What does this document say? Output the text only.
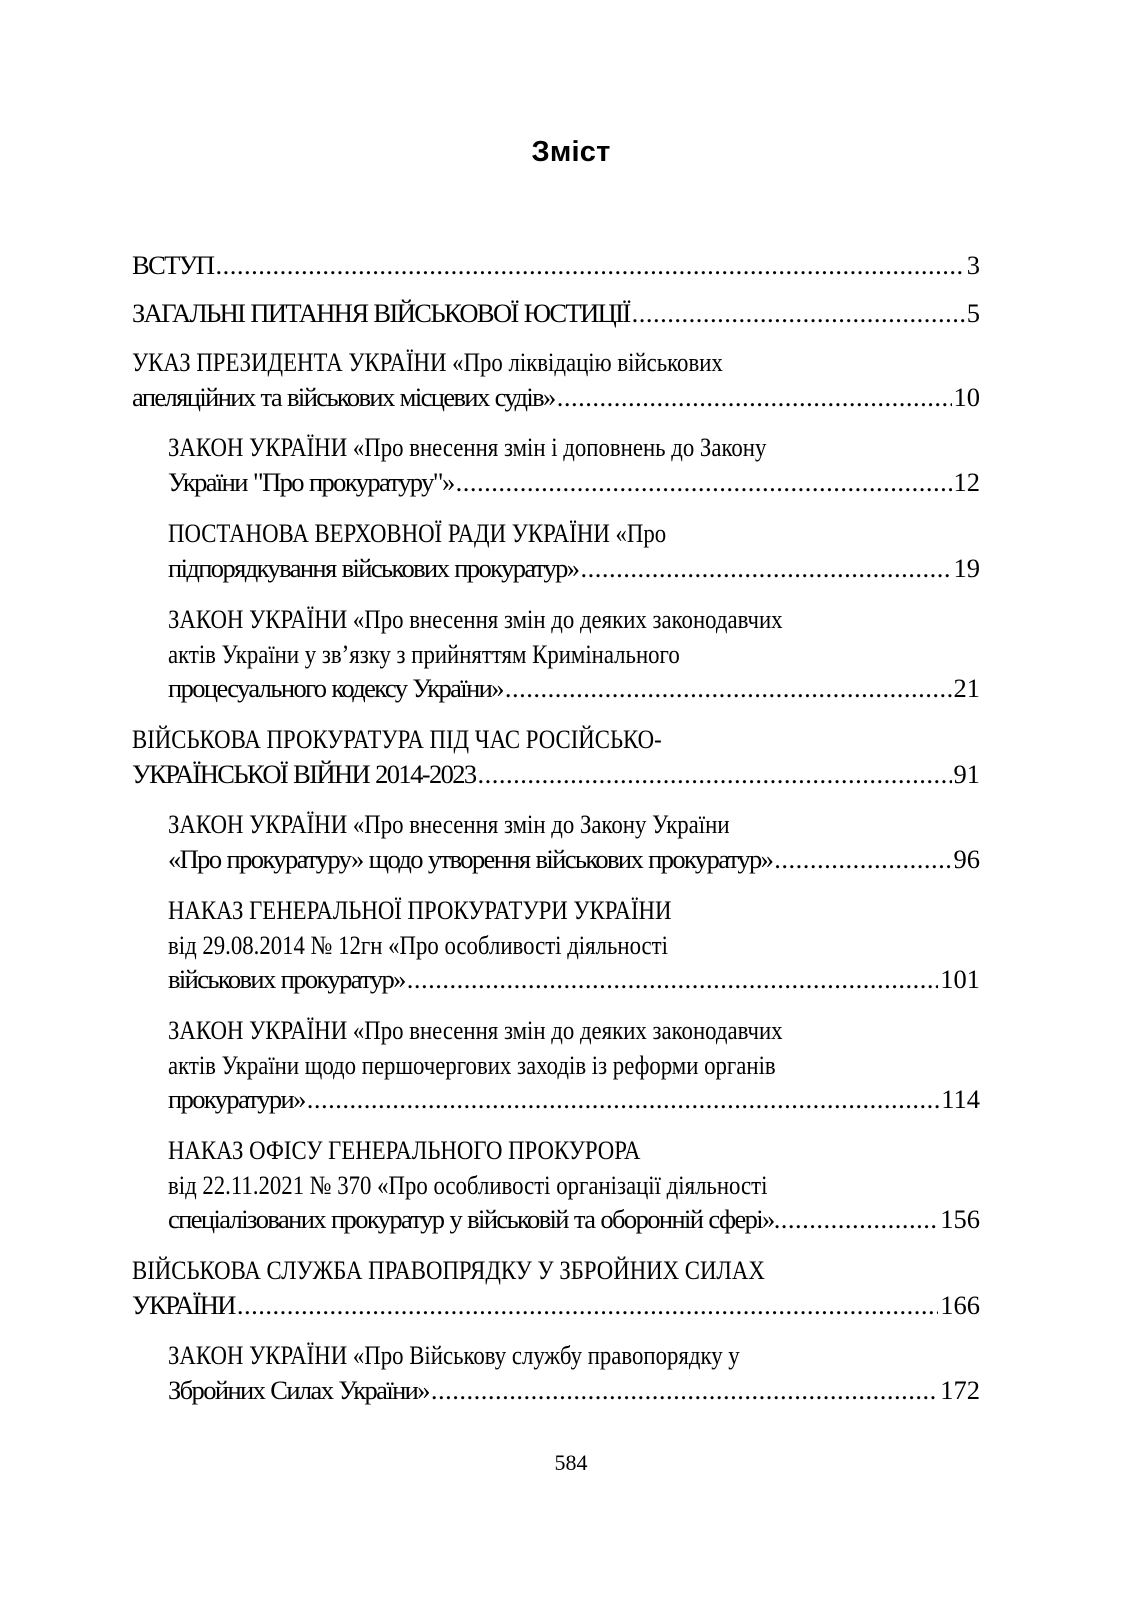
Зміст
ВСТУП .....	3
ЗАГАЛЬНІ ПИТАННЯ ВІЙСЬКОВОЇ ЮСТИЦІЇ .....	5
УКАЗ ПРЕЗИДЕНТА УКРАЇНИ «Про ліквідацію військових
апеляційних та військових місцевих судів» .....	10
ЗАКОН УКРАЇНИ «Про внесення змін і доповнень до Закону
України "Про прокуратуру"» .....	12
ПОСТАНОВА ВЕРХОВНОЇ РАДИ УКРАЇНИ «Про
підпорядкування військових прокуратур» .....	19
ЗАКОН УКРАЇНИ «Про внесення змін до деяких законодавчих
актів України у зв’язку з прийняттям Кримінального
процесуального кодексу України» .....	21
ВІЙСЬКОВА ПРОКУРАТУРА ПІД ЧАС РОСІЙСЬКО-
УКРАЇНСЬКОЇ ВІЙНИ 2014-2023 .....	91
ЗАКОН УКРАЇНИ «Про внесення змін до Закону України
«Про прокуратуру» щодо утворення військових прокуратур» .....	96
НАКАЗ ГЕНЕРАЛЬНОЇ ПРОКУРАТУРИ УКРАЇНИ
від 29.08.2014 № 12гн «Про особливості діяльності
військових прокуратур» .....	101
ЗАКОН УКРАЇНИ «Про внесення змін до деяких законодавчих
актів України щодо першочергових заходів із реформи органів
прокуратури» .....	114
НАКАЗ ОФІСУ ГЕНЕРАЛЬНОГО ПРОКУРОРА
від 22.11.2021 № 370 «Про особливості організації діяльності
спеціалізованих прокуратур у військовій та оборонній сфері». .....	156
ВІЙСЬКОВА СЛУЖБА ПРАВОПРЯДКУ У ЗБРОЙНИХ СИЛАХ
УКРАЇНИ .....	166
ЗАКОН УКРАЇНИ «Про Військову службу правопорядку у
Збройних Силах України» .....	172
584
